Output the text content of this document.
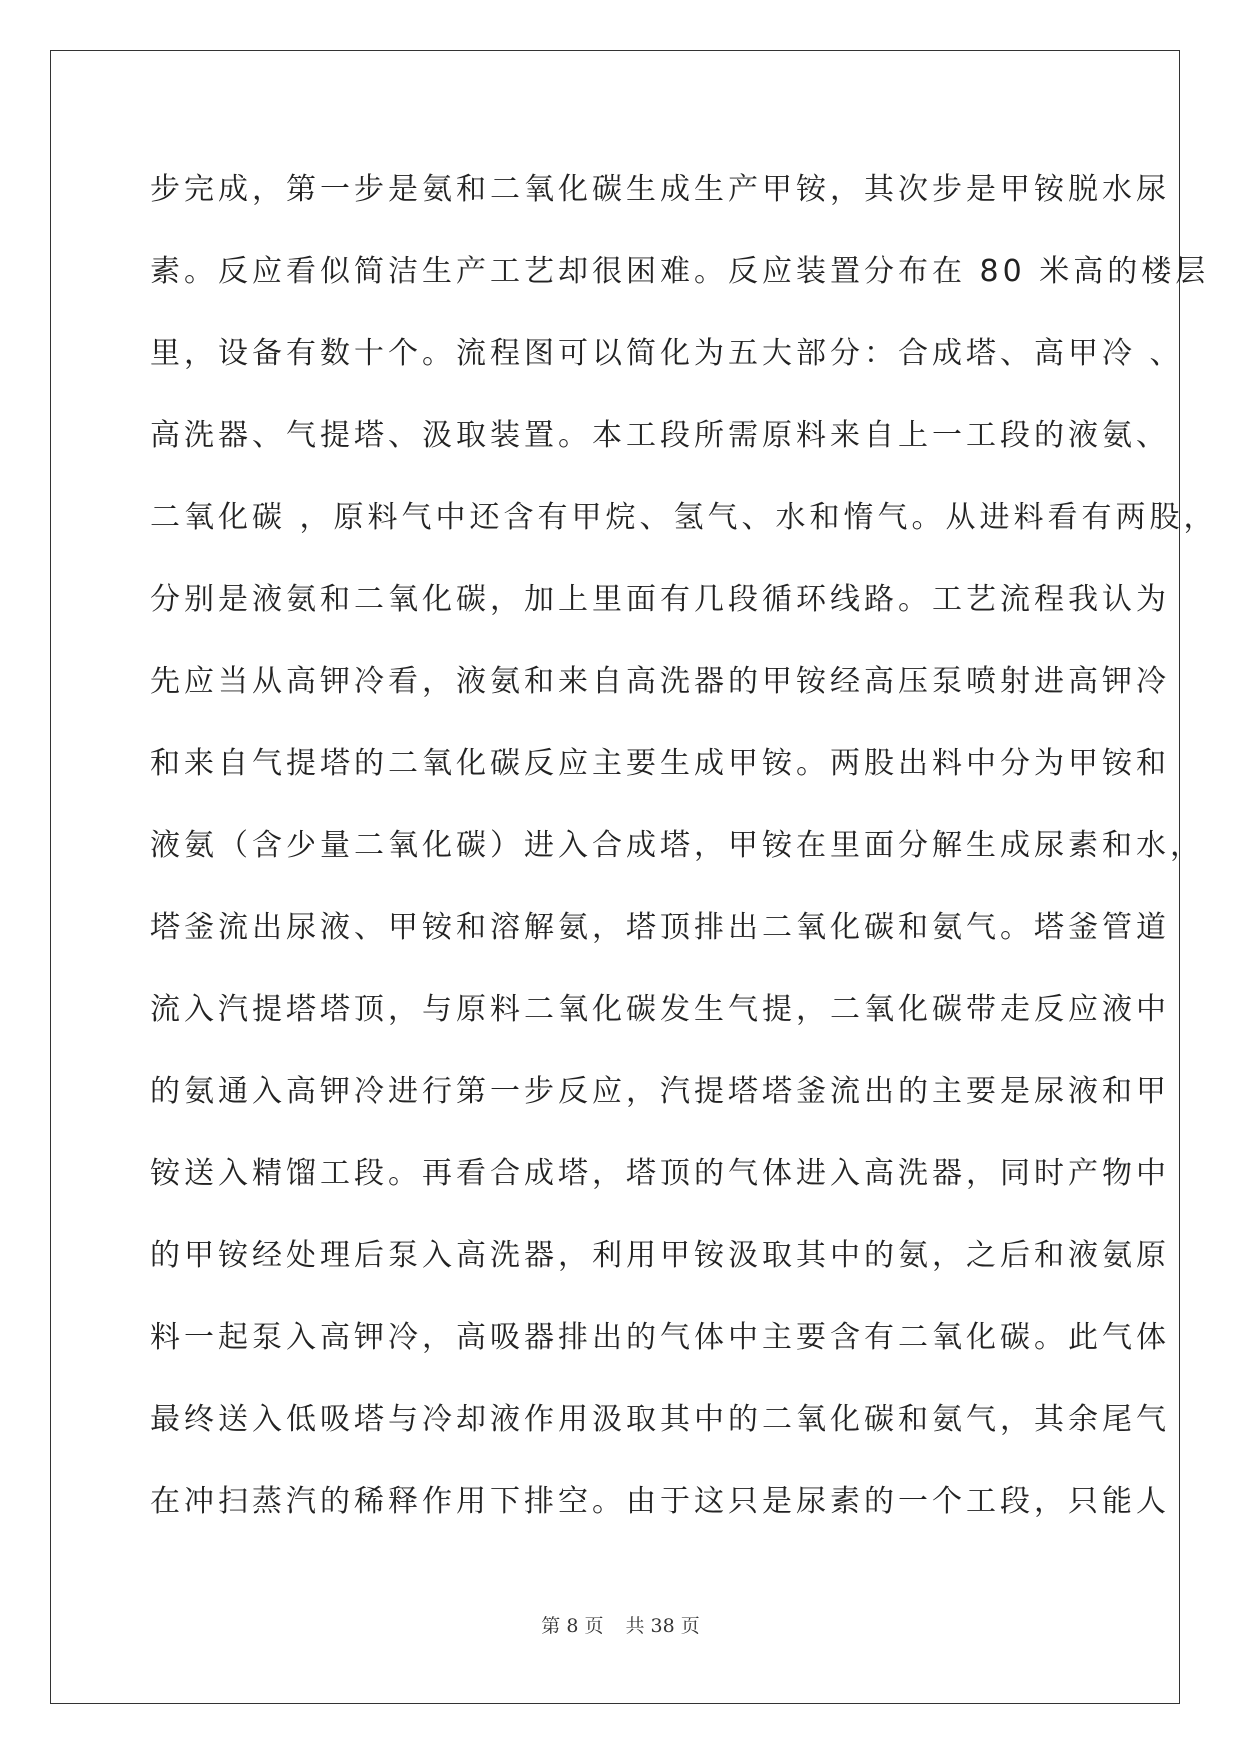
步完成，第一步是氨和二氧化碳生成生产甲铵，其次步是甲铵脱水尿
素。反应看似简洁生产工艺却很困难。反应装置分布在 80 米高的楼层
里，设备有数十个。流程图可以简化为五大部分：合成塔、高甲冷 、
高洗器、气提塔、汲取装置。本工段所需原料来自上一工段的液氨、
二氧化碳 ，原料气中还含有甲烷、氢气、水和惰气。从进料看有两股，
分别是液氨和二氧化碳，加上里面有几段循环线路。工艺流程我认为
先应当从高钾冷看，液氨和来自高洗器的甲铵经高压泵喷射进高钾冷
和来自气提塔的二氧化碳反应主要生成甲铵。两股出料中分为甲铵和
液氨（含少量二氧化碳）进入合成塔，甲铵在里面分解生成尿素和水，
塔釜流出尿液、甲铵和溶解氨，塔顶排出二氧化碳和氨气。塔釜管道
流入汽提塔塔顶，与原料二氧化碳发生气提，二氧化碳带走反应液中
的氨通入高钾冷进行第一步反应，汽提塔塔釜流出的主要是尿液和甲
铵送入精馏工段。再看合成塔，塔顶的气体进入高洗器，同时产物中
的甲铵经处理后泵入高洗器，利用甲铵汲取其中的氨，之后和液氨原
料一起泵入高钾冷，高吸器排出的气体中主要含有二氧化碳。此气体
最终送入低吸塔与冷却液作用汲取其中的二氧化碳和氨气，其余尾气
在冲扫蒸汽的稀释作用下排空。由于这只是尿素的一个工段，只能人
第 8 页 共 38 页
